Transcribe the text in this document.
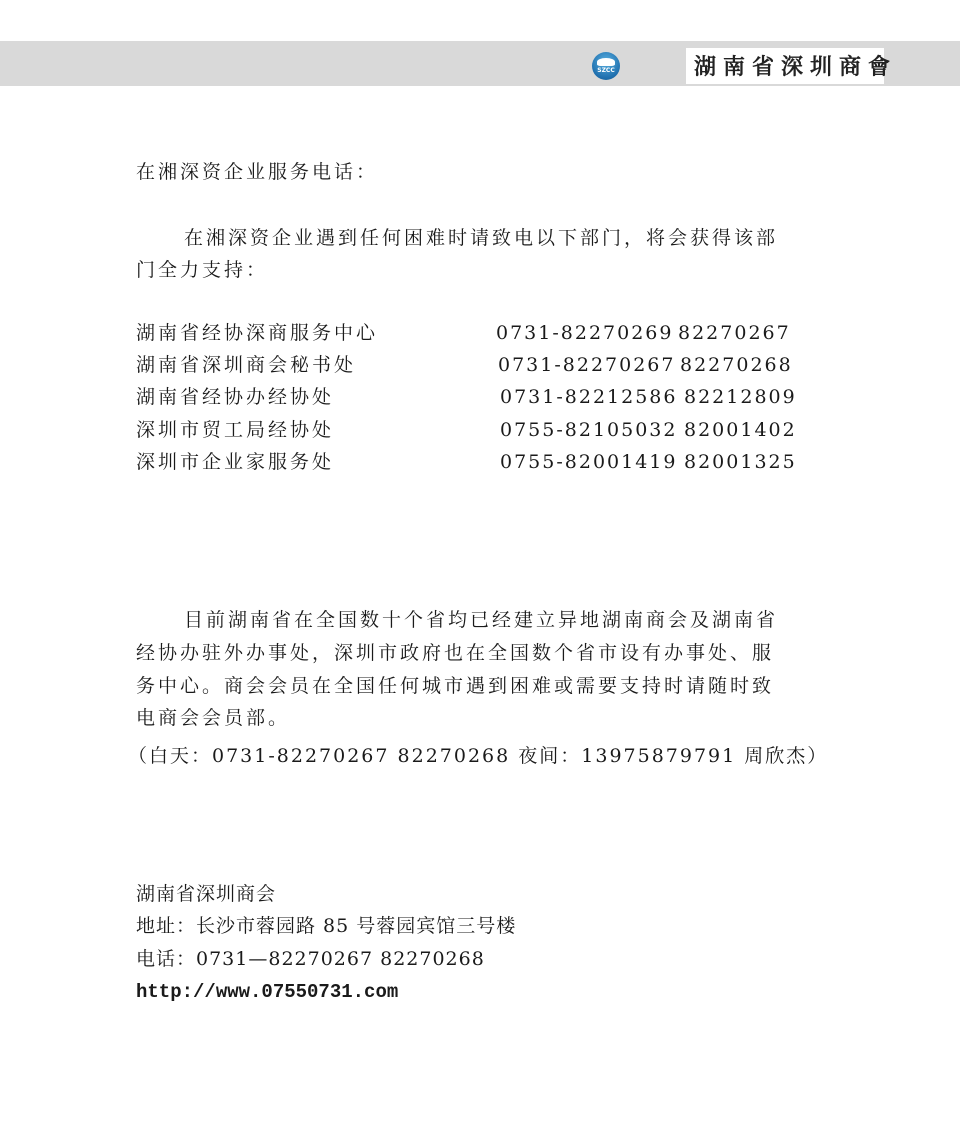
SZCC	湖南省深圳商會
在湘深资企业服务电话：
在湘深资企业遇到任何困难时请致电以下部门，将会获得该部
门全力支持：
湖南省经协深商服务中心	0731-82270269 82270267
湖南省深圳商会秘书处	0731-82270267 82270268
湖南省经协办经协处	0731-82212586 82212809
深圳市贸工局经协处	0755-82105032 82001402
深圳市企业家服务处	0755-82001419 82001325
目前湖南省在全国数十个省均已经建立异地湖南商会及湖南省
经协办驻外办事处，深圳市政府也在全国数个省市设有办事处、服
务中心。商会会员在全国任何城市遇到困难或需要支持时请随时致
电商会会员部。
（白天：0731-82270267 82270268 夜间：13975879791 周欣杰）
湖南省深圳商会
地址：长沙市蓉园路 85 号蓉园宾馆三号楼
电话：0731—82270267 82270268
http://www.07550731.com
